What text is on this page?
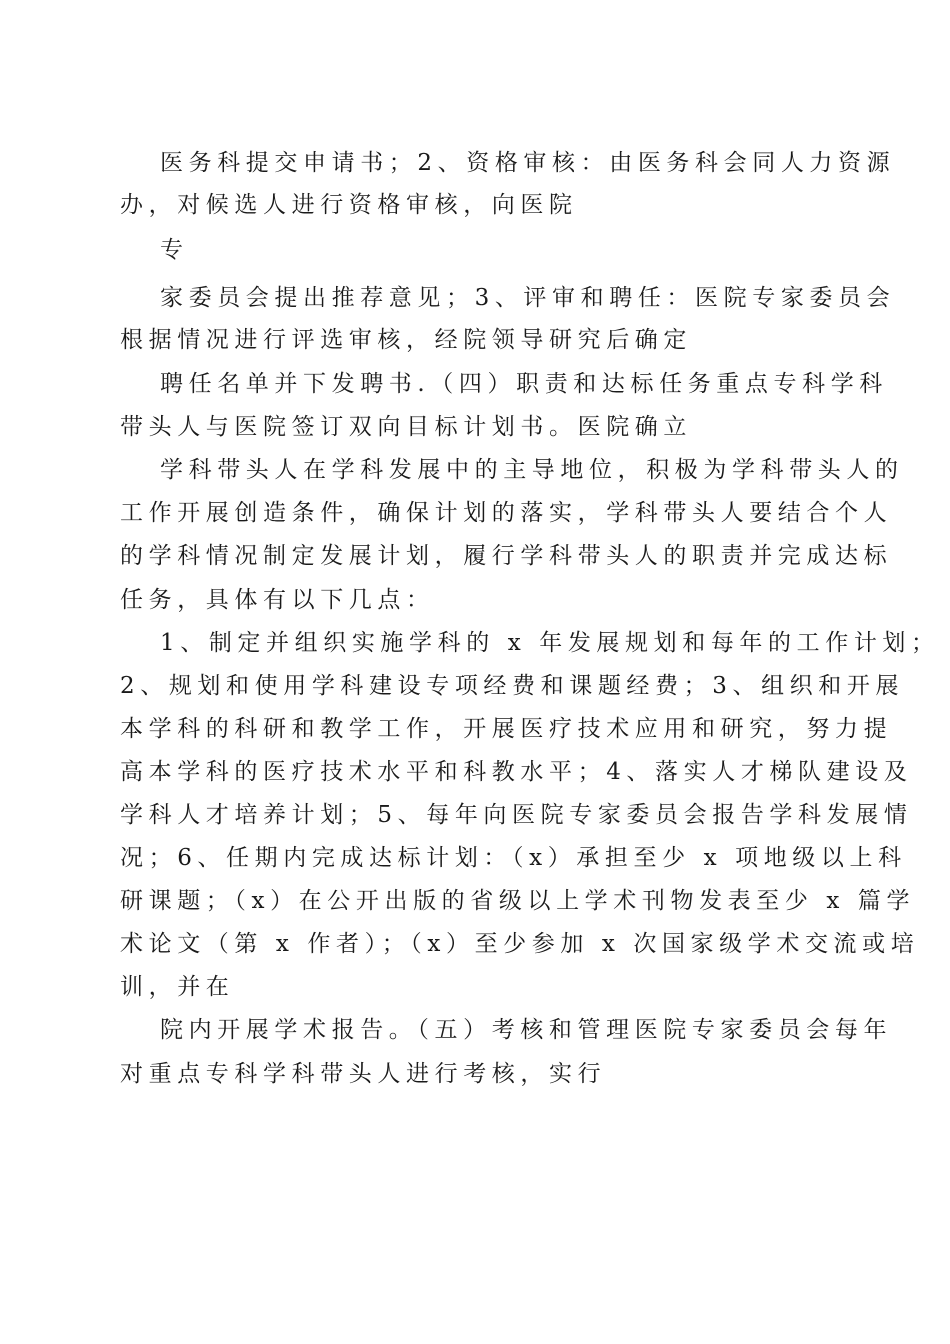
医务科提交申请书；2、资格审核：由医务科会同人力资源
办，对候选人进行资格审核，向医院
专
家委员会提出推荐意见；3、评审和聘任：医院专家委员会
根据情况进行评选审核，经院领导研究后确定
聘任名单并下发聘书.（四）职责和达标任务重点专科学科
带头人与医院签订双向目标计划书。医院确立
学科带头人在学科发展中的主导地位，积极为学科带头人的
工作开展创造条件，确保计划的落实，学科带头人要结合个人
的学科情况制定发展计划，履行学科带头人的职责并完成达标
任务，具体有以下几点：
1、制定并组织实施学科的 x 年发展规划和每年的工作计划；
2、规划和使用学科建设专项经费和课题经费；3、组织和开展
本学科的科研和教学工作，开展医疗技术应用和研究，努力提
高本学科的医疗技术水平和科教水平；4、落实人才梯队建设及
学科人才培养计划；5、每年向医院专家委员会报告学科发展情
况；6、任期内完成达标计划：（x）承担至少 x 项地级以上科
研课题；（x）在公开出版的省级以上学术刊物发表至少 x 篇学
术论文（第 x 作者）；（x）至少参加 x 次国家级学术交流或培
训，并在
院内开展学术报告。（五）考核和管理医院专家委员会每年
对重点专科学科带头人进行考核，实行
